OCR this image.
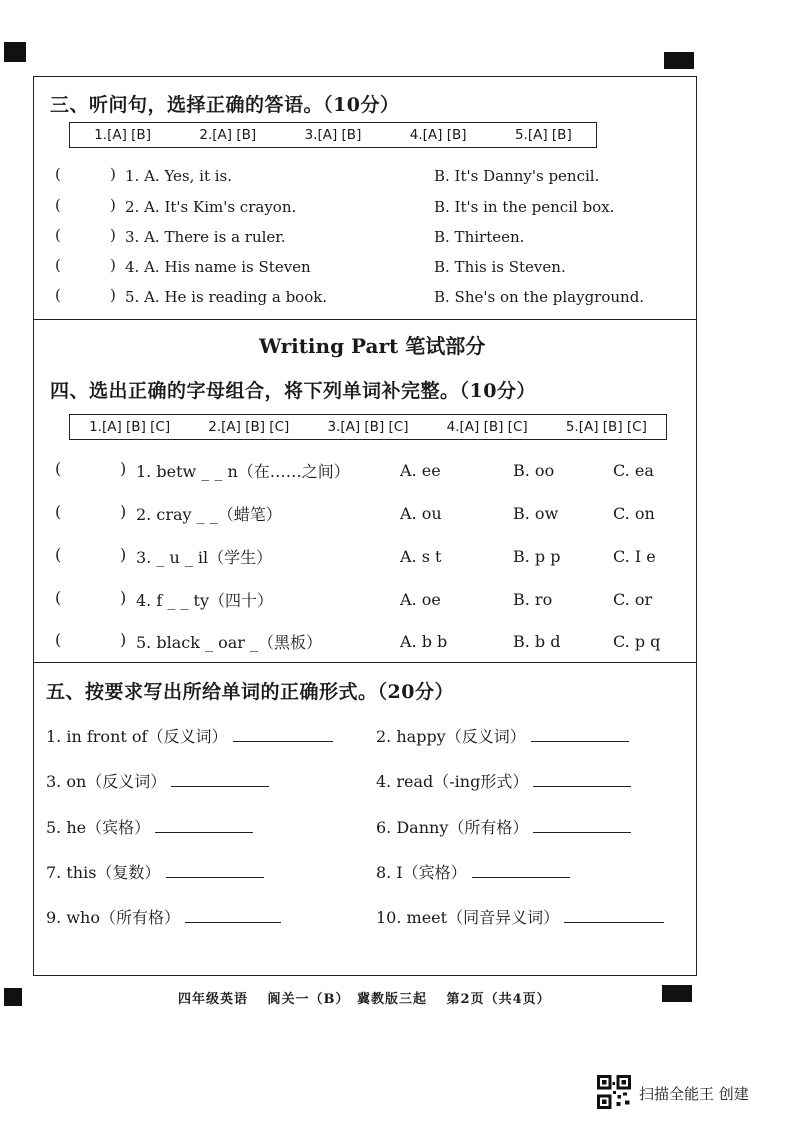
三、听问句，选择正确的答语。（10分）
1.[A] [B]	2.[A] [B]	3.[A] [B]	4.[A] [B]	5.[A] [B]
(	) 1. A. Yes, it is.	B. It's Danny's pencil.
(	) 2. A. It's Kim's crayon.	B. It's in the pencil box.
(	) 3. A. There is a ruler.	B. Thirteen.
(	) 4. A. His name is Steven	B. This is Steven.
(	) 5. A. He is reading a book.	B. She's on the playground.
Writing Part 笔试部分
四、选出正确的字母组合，将下列单词补完整。（10分）
1.[A] [B] [C]	2.[A] [B] [C]	3.[A] [B] [C]	4.[A] [B] [C]	5.[A] [B] [C]
(	) 1. betw _ _ n（在……之间）	A. ee	B. oo	C. ea
(	) 2. cray _ _（蜡笔）	A. ou	B. ow	C. on
(	) 3. _ u _ il（学生）	A. s t	B. p p	C. I e
(	) 4. f _ _ ty（四十）	A. oe	B. ro	C. or
(	) 5. black _ oar _（黑板）	A. b b	B. b d	C. p q
五、按要求写出所给单词的正确形式。（20分）
1. in front of（反义词）	2. happy（反义词）
3. on（反义词）	4. read（-ing形式）
5. he（宾格）	6. Danny（所有格）
7. this（复数）	8. I（宾格）
9. who（所有格）	10. meet（同音异义词）
四年级英语　 阆关一（B）　冀教版三起　 第2页（共4页）
扫描全能王 创建
